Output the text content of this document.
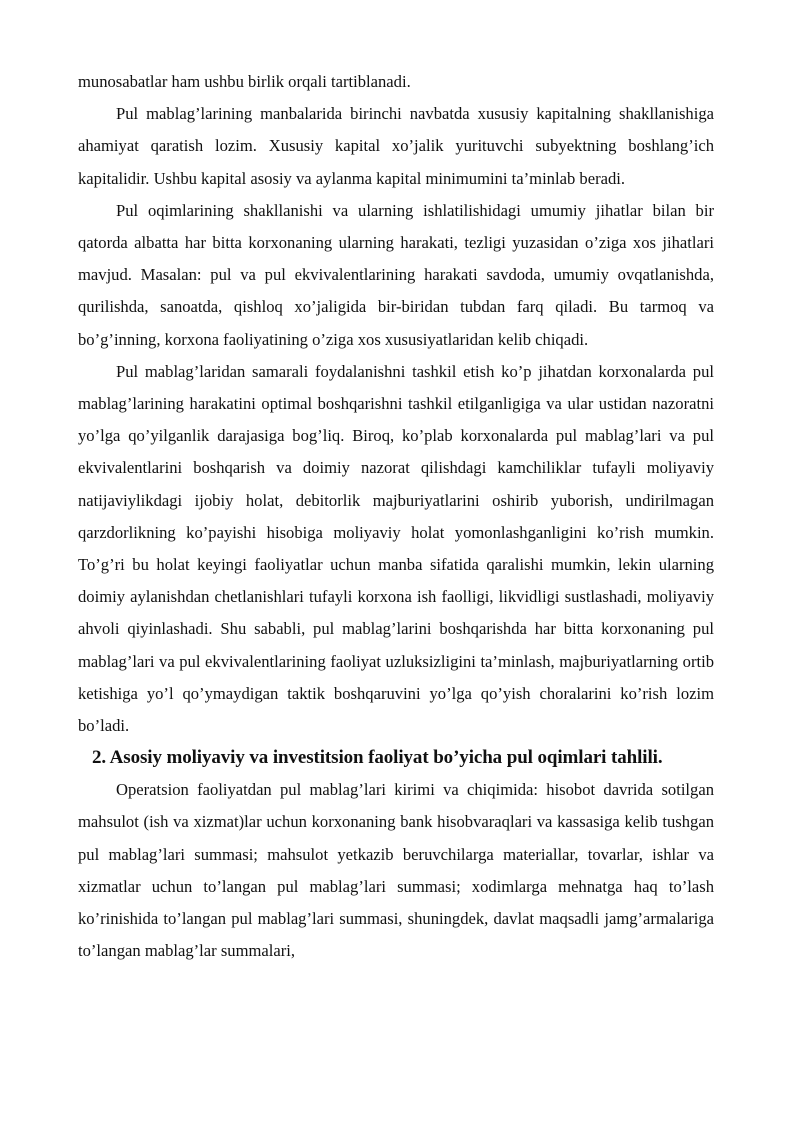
munosabatlar ham ushbu birlik orqali tartiblanadi.

Pul mablag’larining manbalarida birinchi navbatda xususiy kapitalning shakllanishiga ahamiyat qaratish lozim. Xususiy kapital xo’jalik yurituvchi subyektning boshlang’ich kapitalidir. Ushbu kapital asosiy va aylanma kapital minimumini ta’minlab beradi.

Pul oqimlarining shakllanishi va ularning ishlatilishidagi umumiy jihatlar bilan bir qatorda albatta har bitta korxonaning ularning harakati, tezligi yuzasidan o’ziga xos jihatlari mavjud. Masalan: pul va pul ekvivalentlarining harakati savdoda, umumiy ovqatlanishda, qurilishda, sanoatda, qishloq xo’jaligida bir-biridan tubdan farq qiladi. Bu tarmoq va bo’g’inning, korxona faoliyatining o’ziga xos xususiyatlaridan kelib chiqadi.

Pul mablag’laridan samarali foydalanishni tashkil etish ko’p jihatdan korxonalarda pul mablag’larining harakatini optimal boshqarishni tashkil etilganligiga va ular ustidan nazoratni yo’lga qo’yilganlik darajasiga bog’liq. Biroq, ko’plab korxonalarda pul mablag’lari va pul ekvivalentlarini boshqarish va doimiy nazorat qilishdagi kamchiliklar tufayli moliyaviy natijaviylikdagi ijobiy holat, debitorlik majburiyatlarini oshirib yuborish, undirilmagan qarzdorlikning ko’payishi hisobiga moliyaviy holat yomonlashganligini ko’rish mumkin. To’g’ri bu holat keyingi faoliyatlar uchun manba sifatida qaralishi mumkin, lekin ularning doimiy aylanishdan chetlanishlari tufayli korxona ish faolligi, likvidligi sustlashadi, moliyaviy ahvoli qiyinlashadi. Shu sababli, pul mablag’larini boshqarishda har bitta korxonaning pul mablag’lari va pul ekvivalentlarining faoliyat uzluksizligini ta’minlash, majburiyatlarning ortib ketishiga yo’l qo’ymaydigan taktik boshqaruvini yo’lga qo’yish choralarini ko’rish lozim bo’ladi.

2. Asosiy moliyaviy va investitsion faoliyat bo’yicha pul oqimlari tahlili.

Operatsion faoliyatdan pul mablag’lari kirimi va chiqimida: hisobot davrida sotilgan mahsulot (ish va xizmat)lar uchun korxonaning bank hisobvaraqlari va kassasiga kelib tushgan pul mablag’lari summasi; mahsulot yetkazib beruvchilarga materiallar, tovarlar, ishlar va xizmatlar uchun to’langan pul mablag’lari summasi; xodimlarga mehnatga haq to’lash ko’rinishida to’langan pul mablag’lari summasi, shuningdek, davlat maqsadli jamg’armalariga to’langan mablag’lar summalari,
